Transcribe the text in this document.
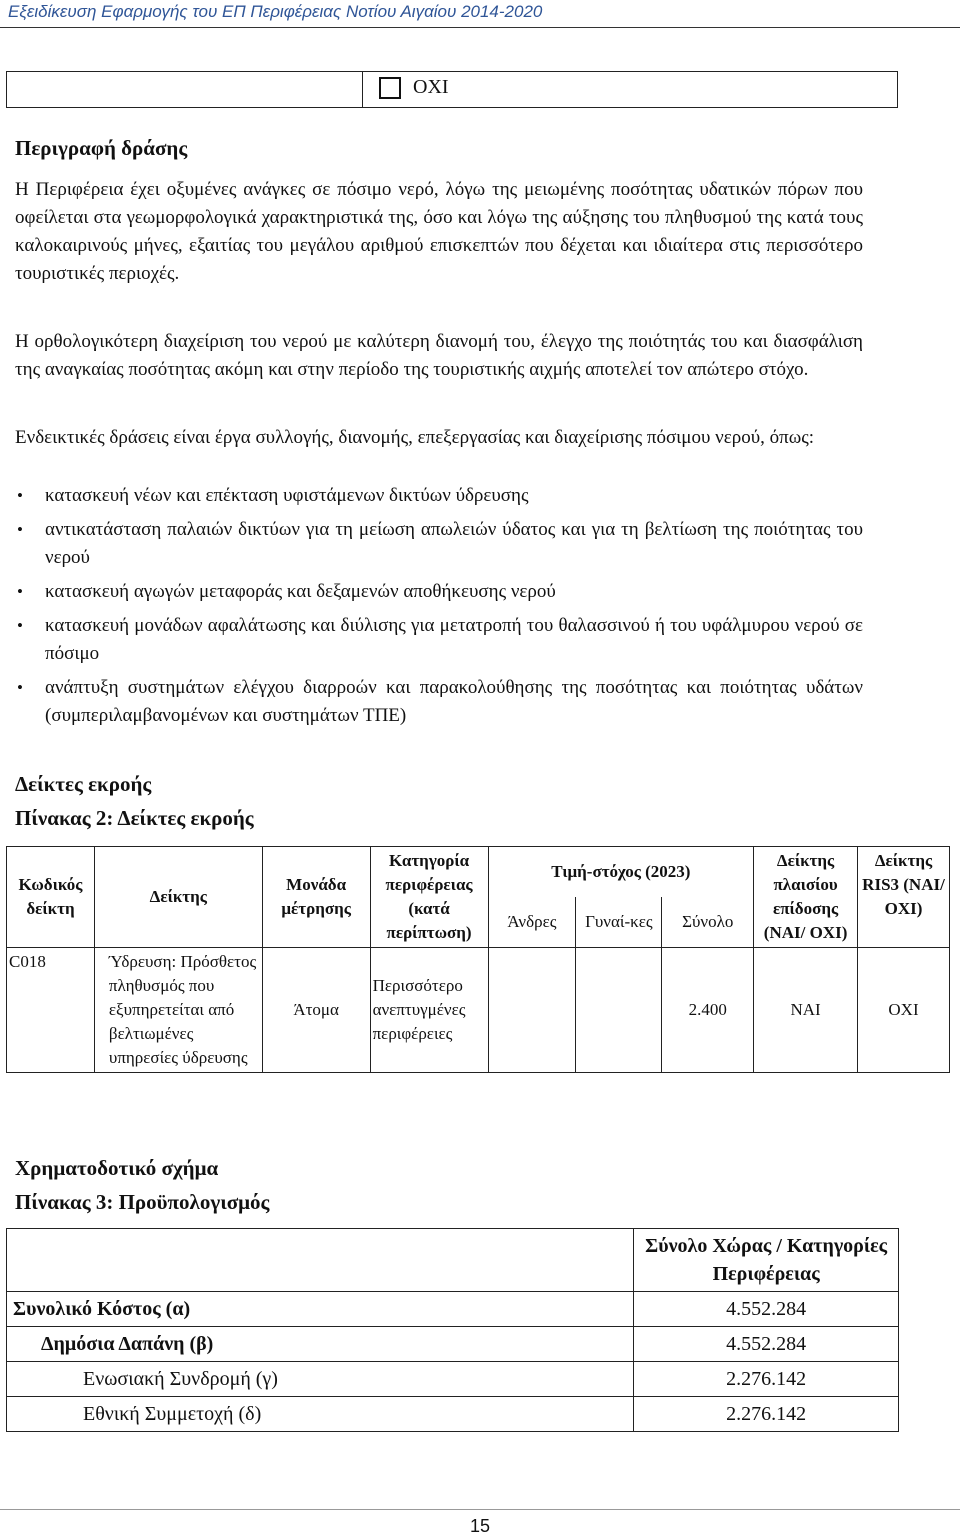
Εξειδίκευση Εφαρμογής του ΕΠ Περιφέρειας Νοτίου Αιγαίου 2014-2020
ΟΧΙ
Περιγραφή δράσης
Η Περιφέρεια έχει οξυμένες ανάγκες σε πόσιμο νερό, λόγω της μειωμένης ποσότητας υδατικών πόρων που οφείλεται στα γεωμορφολογικά χαρακτηριστικά της, όσο και λόγω της αύξησης του πληθυσμού της κατά τους καλοκαιρινούς μήνες, εξαιτίας του μεγάλου αριθμού επισκεπτών που δέχεται και ιδιαίτερα στις περισσότερο τουριστικές περιοχές.
Η ορθολογικότερη διαχείριση του νερού με καλύτερη διανομή του, έλεγχο της ποιότητάς του και διασφάλιση της αναγκαίας ποσότητας ακόμη και στην περίοδο της τουριστικής αιχμής αποτελεί τον απώτερο στόχο.
Ενδεικτικές δράσεις είναι έργα συλλογής, διανομής, επεξεργασίας και διαχείρισης πόσιμου νερού, όπως:
• κατασκευή νέων και επέκταση υφιστάμενων δικτύων ύδρευσης
• αντικατάσταση παλαιών δικτύων για τη μείωση απωλειών ύδατος και για τη βελτίωση της ποιότητας του νερού
• κατασκευή αγωγών μεταφοράς και δεξαμενών αποθήκευσης νερού
• κατασκευή μονάδων αφαλάτωσης και διύλισης για μετατροπή του θαλασσινού ή του υφάλμυρου νερού σε πόσιμο
• ανάπτυξη συστημάτων ελέγχου διαρροών και παρακολούθησης της ποσότητας και ποιότητας υδάτων (συμπεριλαμβανομένων και συστημάτων ΤΠΕ)
Δείκτες εκροής
Πίνακας 2: Δείκτες εκροής
Κωδικός δείκτη	Δείκτης	Μονάδα μέτρησης	Κατηγορία περιφέρειας (κατά περίπτωση)	Τιμή-στόχος (2023)			Δείκτης πλαισίου επίδοσης (ΝΑΙ/ ΟΧΙ)	Δείκτης RIS3 (ΝΑΙ/ ΟΧΙ)
				Άνδρες	Γυναί-κες	Σύνολο		
C018	Ύδρευση: Πρόσθετος πληθυσμός που εξυπηρετείται από βελτιωμένες υπηρεσίες ύδρευσης	Άτομα	Περισσότερο ανεπτυγμένες περιφέρειες			2.400	ΝΑΙ	ΟΧΙ
Χρηματοδοτικό σχήμα
Πίνακας 3: Προϋπολογισμός
	Σύνολο Χώρας / Κατηγορίες Περιφέρειας
Συνολικό Κόστος (α)	4.552.284
Δημόσια Δαπάνη (β)	4.552.284
Ενωσιακή Συνδρομή (γ)	2.276.142
Εθνική Συμμετοχή (δ)	2.276.142
15
